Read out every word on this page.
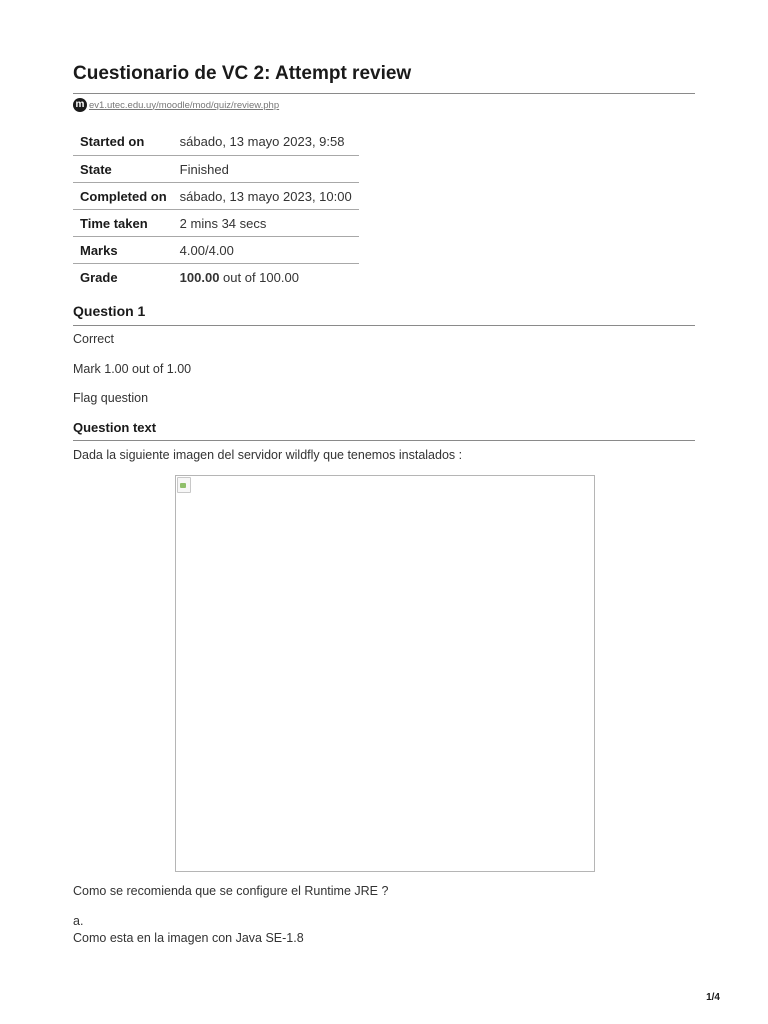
Cuestionario de VC 2: Attempt review
m ev1.utec.edu.uy/moodle/mod/quiz/review.php
Started on	sábado, 13 mayo 2023, 9:58
State	Finished
Completed on	sábado, 13 mayo 2023, 10:00
Time taken	2 mins 34 secs
Marks	4.00/4.00
Grade	100.00 out of 100.00
Question 1
Correct
Mark 1.00 out of 1.00
Flag question
Question text
Dada la siguiente imagen del servidor wildfly que tenemos instalados :
Como se recomienda que se configure el Runtime JRE ?
a.
Como esta en la imagen con Java SE-1.8
1/4
